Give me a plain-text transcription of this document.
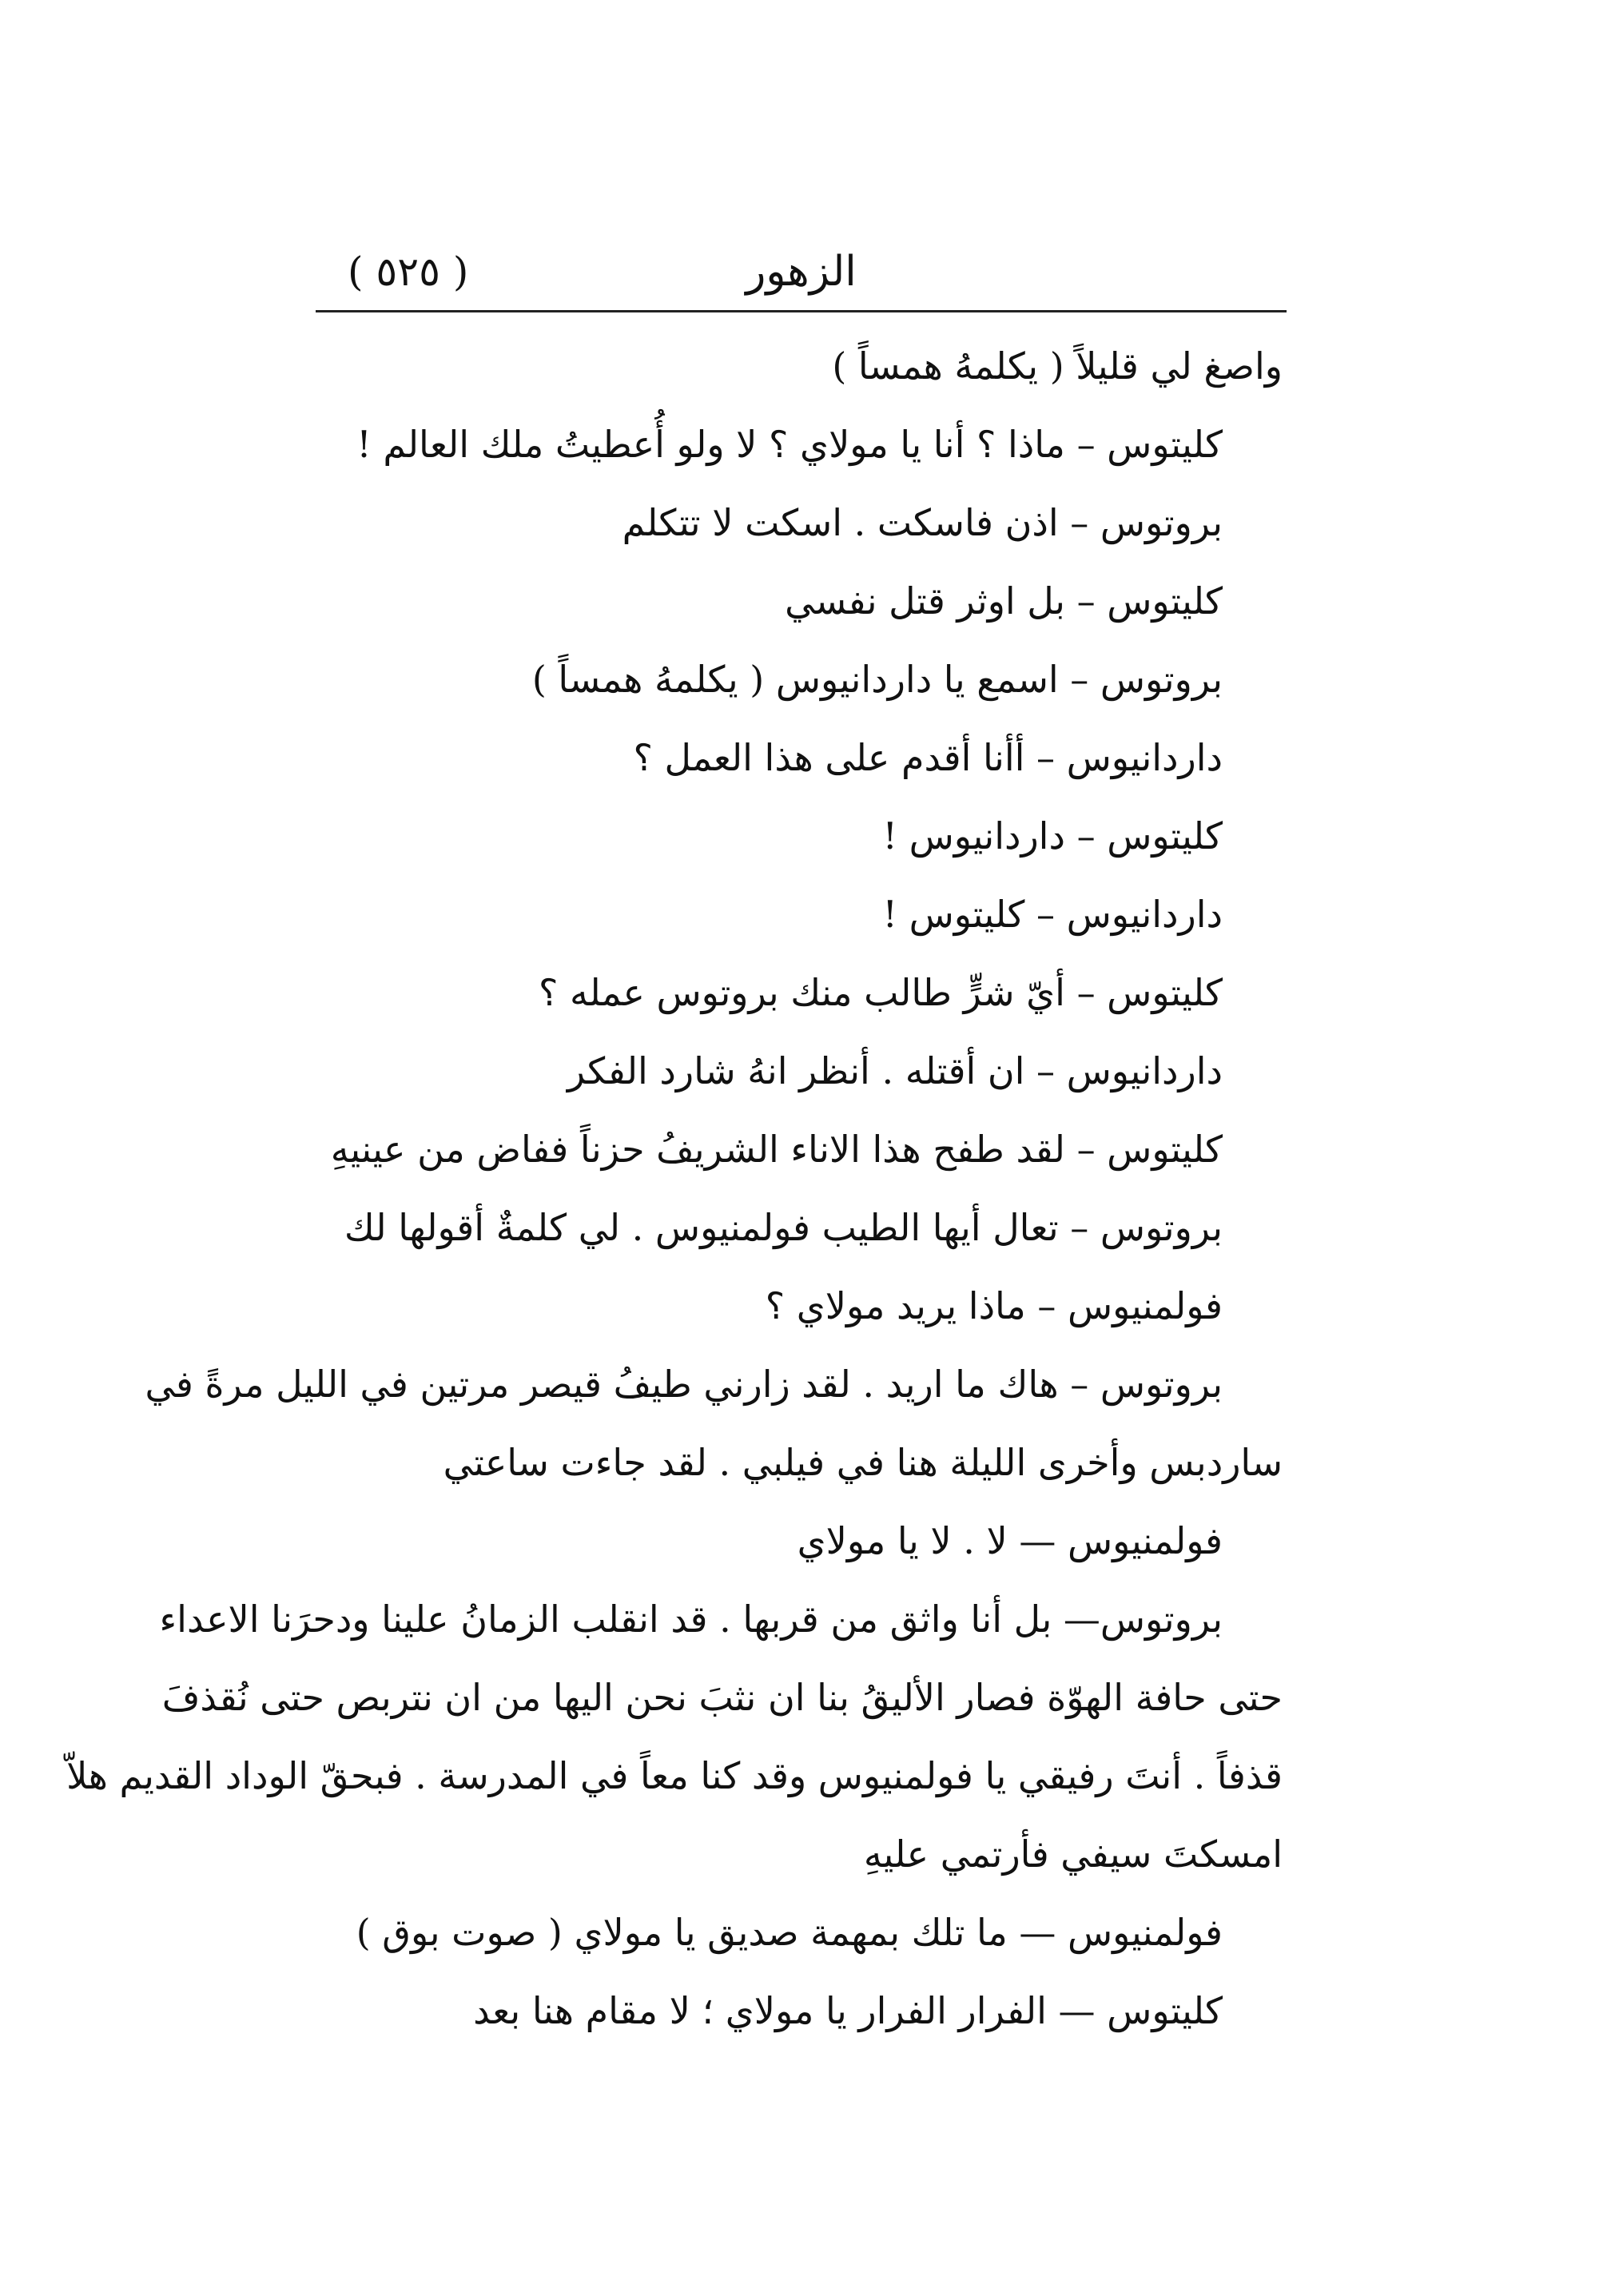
الزهور
( ٥٢٥ )
واصغ لي قليلاً ( يكلمهُ همساً )
كليتوس – ماذا ؟ أنا يا مولاي ؟ لا ولو أُعطيتُ ملك العالم !
بروتوس – اذن فاسكت . اسكت لا تتكلم
كليتوس – بل اوثر قتل نفسي
بروتوس – اسمع يا داردانيوس ( يكلمهُ همساً )
داردانيوس – أأنا أقدم على هذا العمل ؟
كليتوس – داردانيوس !
داردانيوس – كليتوس !
كليتوس – أيّ شرٍّ طالب منك بروتوس عمله ؟
داردانيوس – ان أقتله . أنظر انهُ شارد الفكر
كليتوس – لقد طفح هذا الاناء الشريفُ حزناً ففاض من عينيهِ
بروتوس – تعال أيها الطيب فولمنيوس . لي كلمةٌ أقولها لك
فولمنيوس – ماذا يريد مولاي ؟
بروتوس – هاك ما اريد . لقد زارني طيفُ قيصر مرتين في الليل مرةً في
ساردبس وأخرى الليلة هنا في فيلبي . لقد جاءت ساعتي
فولمنيوس — لا . لا يا مولاي
بروتوس— بل أنا واثق من قربها . قد انقلب الزمانُ علينا ودحرَنا الاعداء
حتى حافة الهوّة فصار الأليقُ بنا ان نثبَ نحن اليها من ان نتربص حتى نُقذفَ
قذفاً . أنتَ رفيقي يا فولمنيوس وقد كنا معاً في المدرسة . فبحقّ الوداد القديم هلاّ
امسكتَ سيفي فأرتمي عليهِ
فولمنيوس — ما تلك بمهمة صديق يا مولاي ( صوت بوق )
كليتوس — الفرار الفرار يا مولاي ؛ لا مقام هنا بعد
